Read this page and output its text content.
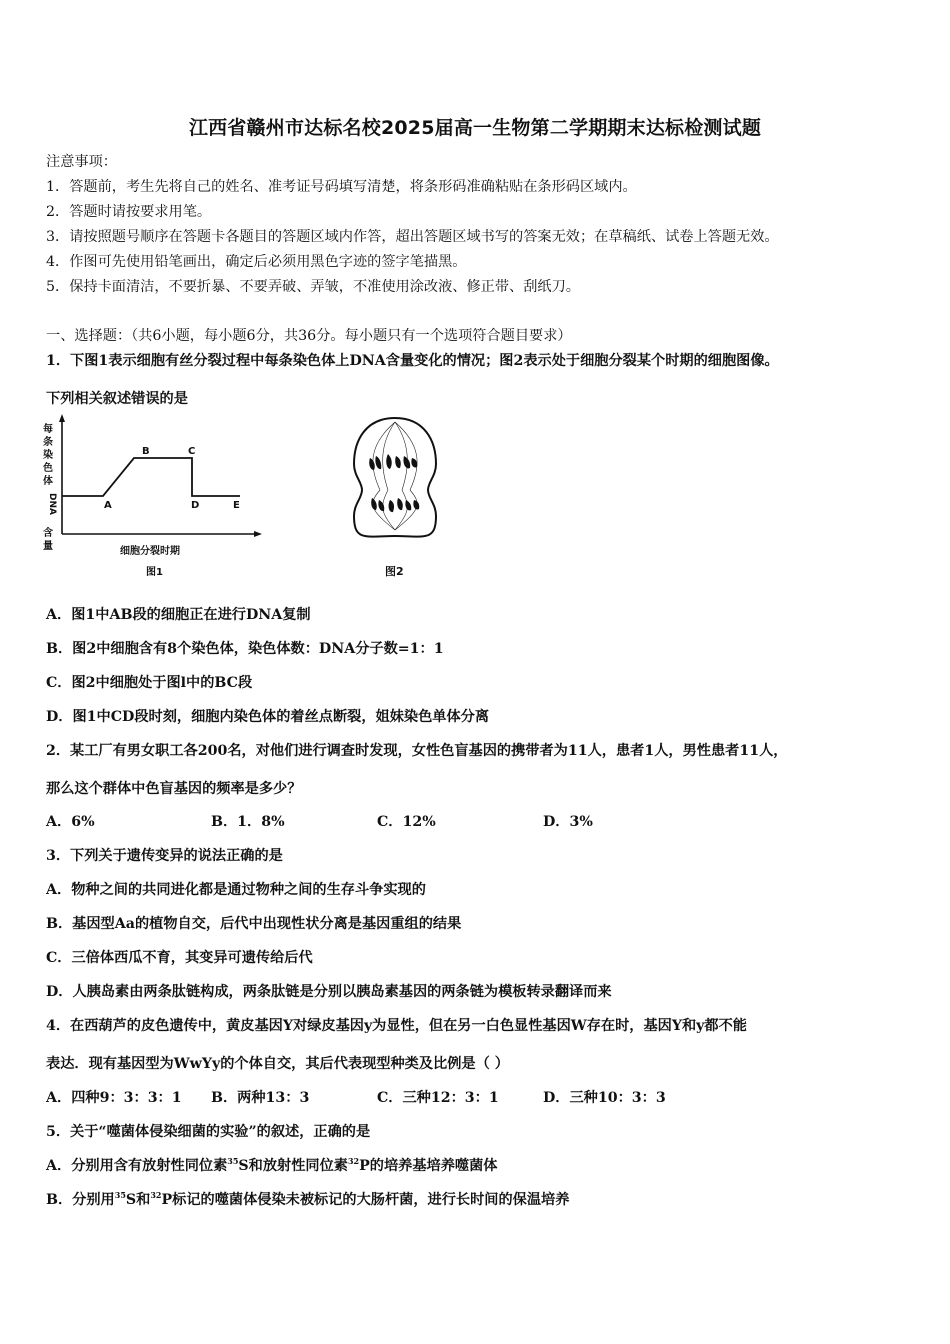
江西省赣州市达标名校2025届高一生物第二学期期末达标检测试题
注意事项：
1．答题前，考生先将自己的姓名、准考证号码填写清楚，将条形码准确粘贴在条形码区域内。
2．答题时请按要求用笔。
3．请按照题号顺序在答题卡各题目的答题区域内作答，超出答题区域书写的答案无效；在草稿纸、试卷上答题无效。
4．作图可先使用铅笔画出，确定后必须用黑色字迹的签字笔描黑。
5．保持卡面清洁，不要折暴、不要弄破、弄皱，不准使用涂改液、修正带、刮纸刀。
一、选择题：（共6小题，每小题6分，共36分。每小题只有一个选项符合题目要求）
1．下图1表示细胞有丝分裂过程中每条染色体上DNA含量变化的情况；图2表示处于细胞分裂某个时期的细胞图像。
下列相关叙述错误的是
每
条
染
色
体
DNA
含
量
A
B	C
D	E
细胞分裂时期
图1	图2
A．图1中AB段的细胞正在进行DNA复制
B．图2中细胞含有8个染色体，染色体数：DNA分子数=1：1
C．图2中细胞处于图l中的BC段
D．图1中CD段时刻，细胞内染色体的着丝点断裂，姐妹染色单体分离
2．某工厂有男女职工各200名，对他们进行调查时发现，女性色盲基因的携带者为11人，患者1人，男性患者11人，
那么这个群体中色盲基因的频率是多少？
A．6%	B．1．8%	C．12%	D．3%
3．下列关于遗传变异的说法正确的是
A．物种之间的共同进化都是通过物种之间的生存斗争实现的
B．基因型Aa的植物自交，后代中出现性状分离是基因重组的结果
C．三倍体西瓜不育，其变异可遗传给后代
D．人胰岛素由两条肽链构成，两条肽链是分别以胰岛素基因的两条链为模板转录翻译而来
4．在西葫芦的皮色遗传中，黄皮基因Y对绿皮基因y为显性，但在另一白色显性基因W存在时，基因Y和y都不能
表达．现有基因型为WwYy的个体自交，其后代表现型种类及比例是（ ）
A．四种9：3：3：1 B．两种13：3	C．三种12：3：1	D．三种10：3：3
5．关于“噬菌体侵染细菌的实验”的叙述，正确的是
A．分别用含有放射性同位素$^{35}$S和放射性同位素$^{32}$P的培养基培养噬菌体
B．分别用$^{35}$S和$^{32}$P标记的噬菌体侵染未被标记的大肠杆菌，进行长时间的保温培养
